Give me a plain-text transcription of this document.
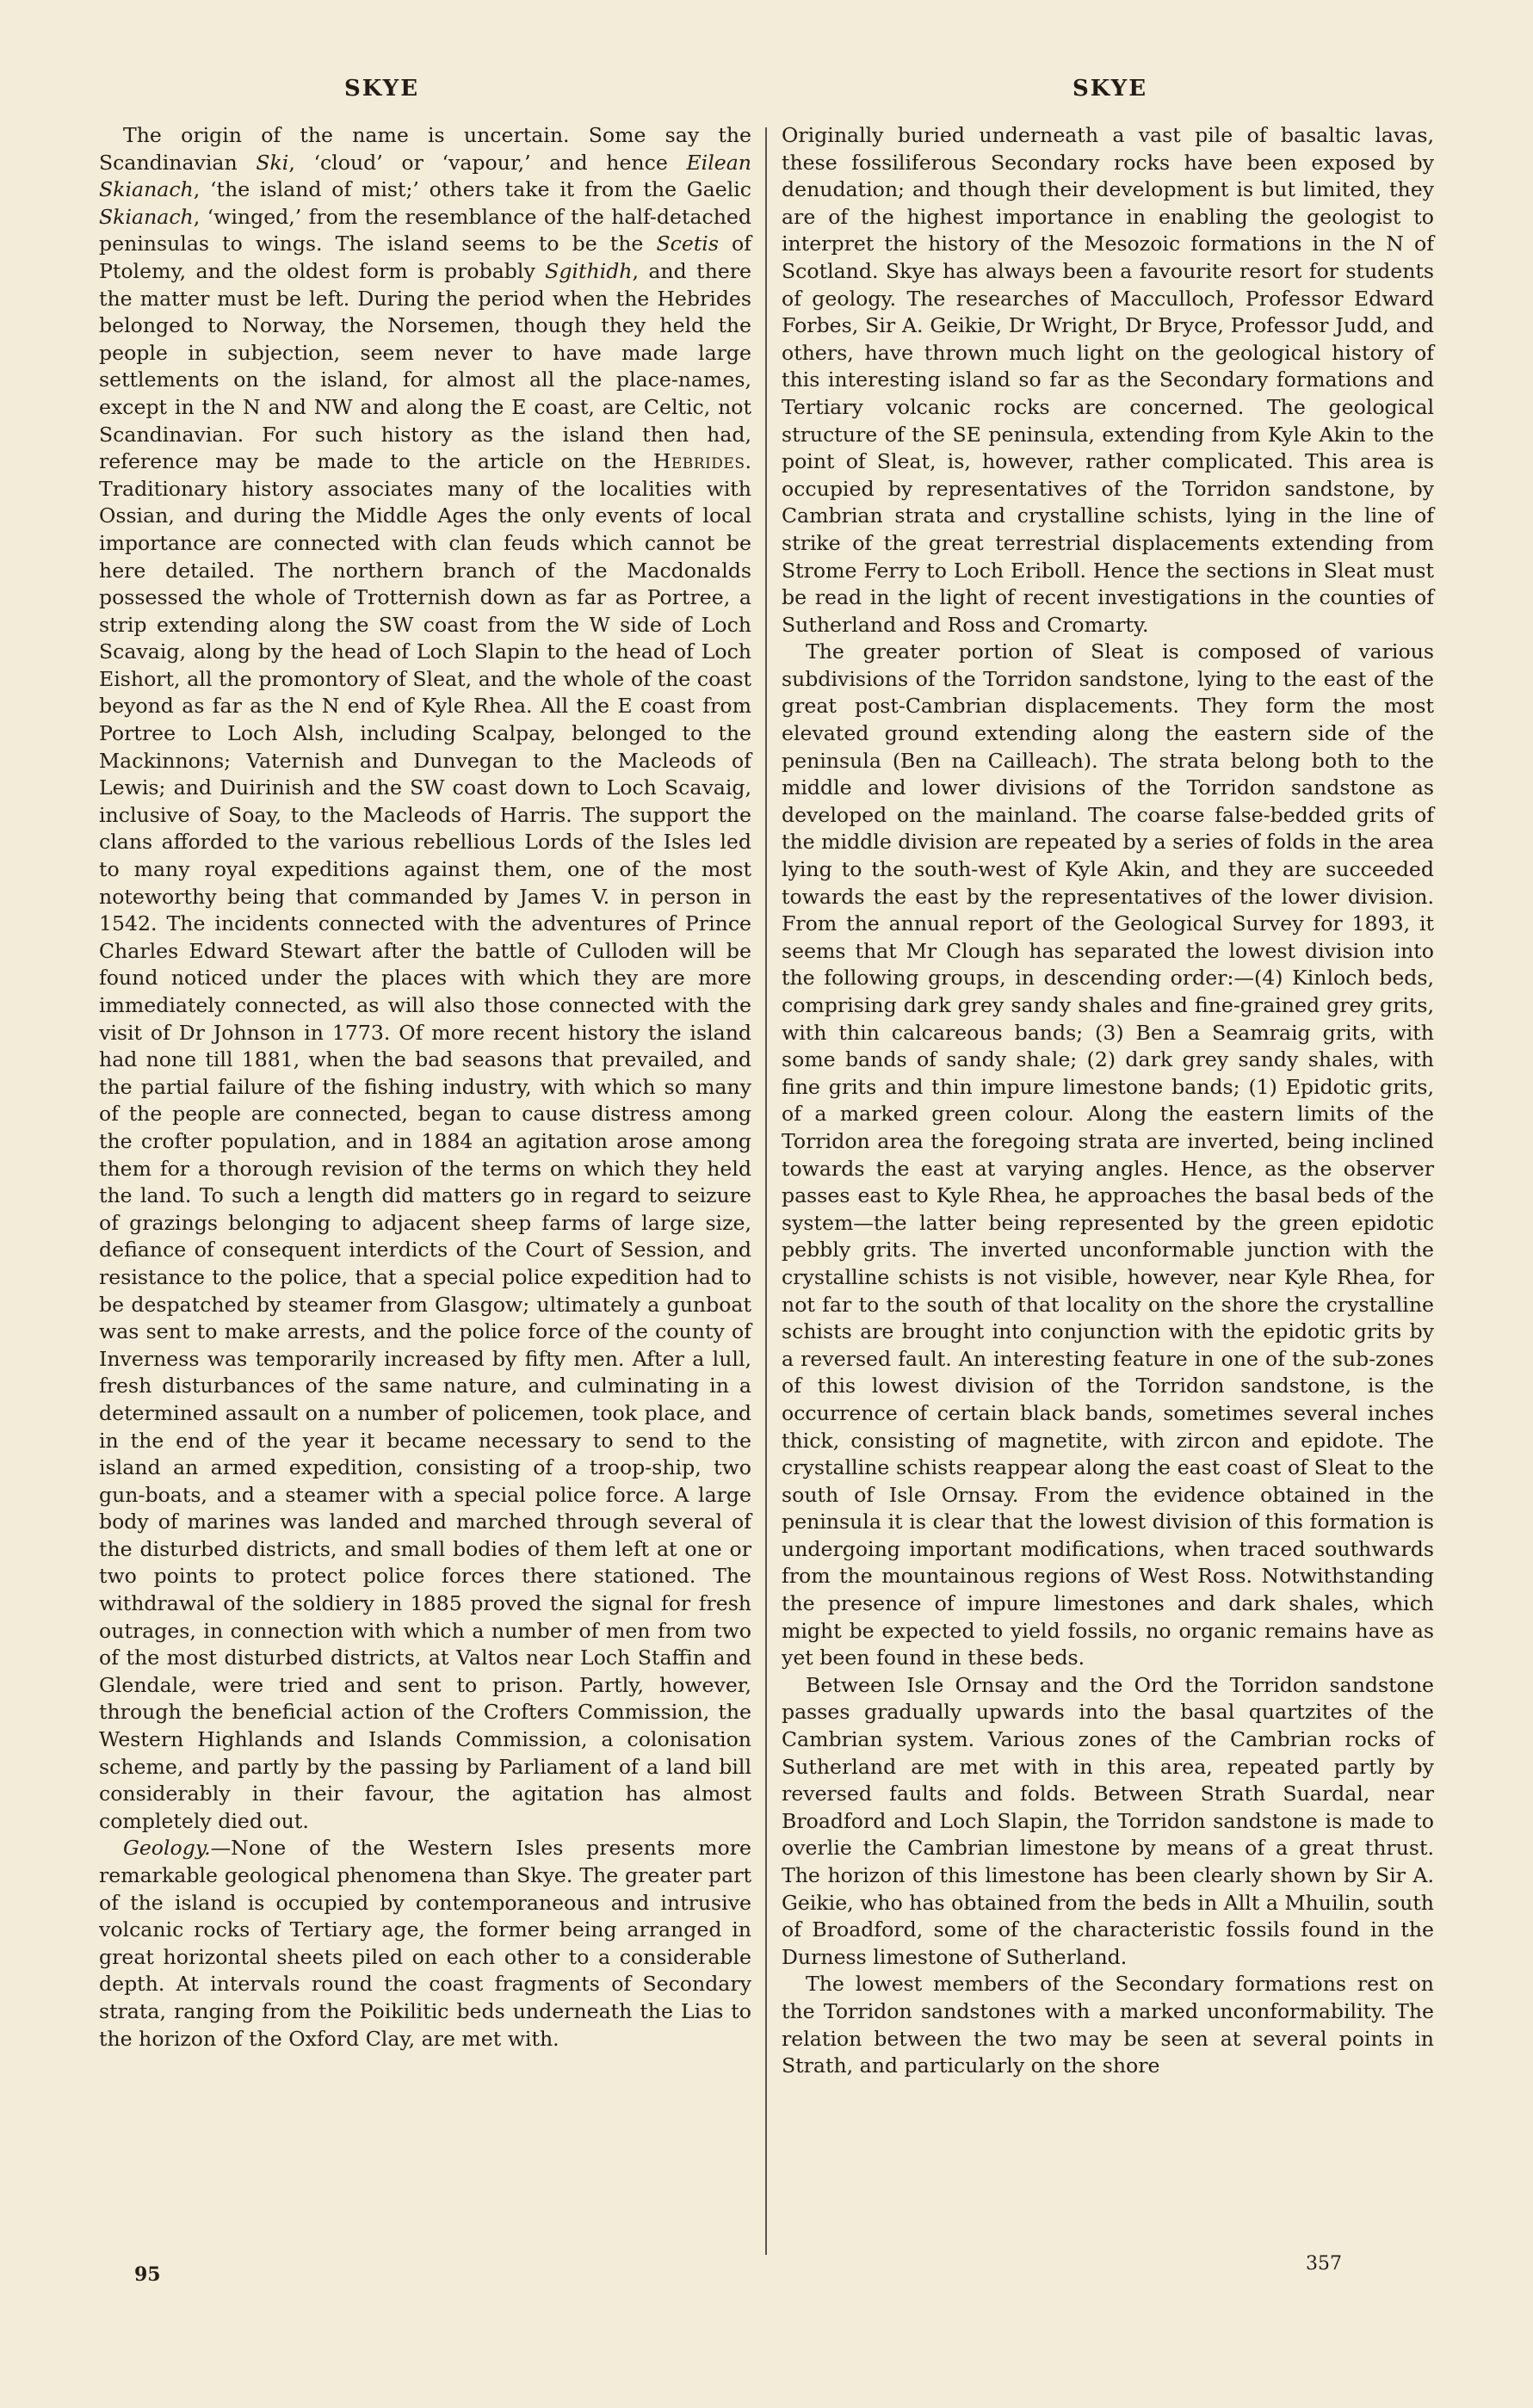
SKYE	SKYE

The origin of the name is uncertain. Some say the Scandinavian Ski, ‘cloud’ or ‘vapour,’ and hence Eilean Skianach, ‘the island of mist;’ others take it from the Gaelic Skianach, ‘winged,’ from the resemblance of the half-detached peninsulas to wings. The island seems to be the Scetis of Ptolemy, and the oldest form is probably Sgithidh, and there the matter must be left. During the period when the Hebrides belonged to Norway, the Norsemen, though they held the people in subjection, seem never to have made large settlements on the island, for almost all the place-names, except in the N and NW and along the E coast, are Celtic, not Scandinavian. For such history as the island then had, reference may be made to the article on the Hebrides. Traditionary history associates many of the localities with Ossian, and during the Middle Ages the only events of local importance are connected with clan feuds which cannot be here detailed. The northern branch of the Macdonalds possessed the whole of Trotternish down as far as Portree, a strip extending along the SW coast from the W side of Loch Scavaig, along by the head of Loch Slapin to the head of Loch Eishort, all the promontory of Sleat, and the whole of the coast beyond as far as the N end of Kyle Rhea. All the E coast from Portree to Loch Alsh, including Scalpay, belonged to the Mackinnons; Vaternish and Dunvegan to the Macleods of Lewis; and Duirinish and the SW coast down to Loch Scavaig, inclusive of Soay, to the Macleods of Harris. The support the clans afforded to the various rebellious Lords of the Isles led to many royal expeditions against them, one of the most noteworthy being that commanded by James V. in person in 1542. The incidents connected with the adventures of Prince Charles Edward Stewart after the battle of Culloden will be found noticed under the places with which they are more immediately connected, as will also those connected with the visit of Dr Johnson in 1773. Of more recent history the island had none till 1881, when the bad seasons that prevailed, and the partial failure of the fishing industry, with which so many of the people are connected, began to cause distress among the crofter population, and in 1884 an agitation arose among them for a thorough revision of the terms on which they held the land. To such a length did matters go in regard to seizure of grazings belonging to adjacent sheep farms of large size, defiance of consequent interdicts of the Court of Session, and resistance to the police, that a special police expedition had to be despatched by steamer from Glasgow; ultimately a gunboat was sent to make arrests, and the police force of the county of Inverness was temporarily increased by fifty men. After a lull, fresh disturbances of the same nature, and culminating in a determined assault on a number of policemen, took place, and in the end of the year it became necessary to send to the island an armed expedition, consisting of a troop-ship, two gun-boats, and a steamer with a special police force. A large body of marines was landed and marched through several of the disturbed districts, and small bodies of them left at one or two points to protect police forces there stationed. The withdrawal of the soldiery in 1885 proved the signal for fresh outrages, in connection with which a number of men from two of the most disturbed districts, at Valtos near Loch Staffin and Glendale, were tried and sent to prison. Partly, however, through the beneficial action of the Crofters Commission, the Western Highlands and Islands Commission, a colonisation scheme, and partly by the passing by Parliament of a land bill considerably in their favour, the agitation has almost completely died out.

Geology.—None of the Western Isles presents more remarkable geological phenomena than Skye. The greater part of the island is occupied by contemporaneous and intrusive volcanic rocks of Tertiary age, the former being arranged in great horizontal sheets piled on each other to a considerable depth. At intervals round the coast fragments of Secondary strata, ranging from the Poikilitic beds underneath the Lias to the horizon of the Oxford Clay, are met with.

Originally buried underneath a vast pile of basaltic lavas, these fossiliferous Secondary rocks have been exposed by denudation; and though their development is but limited, they are of the highest importance in enabling the geologist to interpret the history of the Mesozoic formations in the N of Scotland. Skye has always been a favourite resort for students of geology. The researches of Macculloch, Professor Edward Forbes, Sir A. Geikie, Dr Wright, Dr Bryce, Professor Judd, and others, have thrown much light on the geological history of this interesting island so far as the Secondary formations and Tertiary volcanic rocks are concerned. The geological structure of the SE peninsula, extending from Kyle Akin to the point of Sleat, is, however, rather complicated. This area is occupied by representatives of the Torridon sandstone, by Cambrian strata and crystalline schists, lying in the line of strike of the great terrestrial displacements extending from Strome Ferry to Loch Eriboll. Hence the sections in Sleat must be read in the light of recent investigations in the counties of Sutherland and Ross and Cromarty.

The greater portion of Sleat is composed of various subdivisions of the Torridon sandstone, lying to the east of the great post-Cambrian displacements. They form the most elevated ground extending along the eastern side of the peninsula (Ben na Cailleach). The strata belong both to the middle and lower divisions of the Torridon sandstone as developed on the mainland. The coarse false-bedded grits of the middle division are repeated by a series of folds in the area lying to the south-west of Kyle Akin, and they are succeeded towards the east by the representatives of the lower division. From the annual report of the Geological Survey for 1893, it seems that Mr Clough has separated the lowest division into the following groups, in descending order:—(4) Kinloch beds, comprising dark grey sandy shales and fine-grained grey grits, with thin calcareous bands; (3) Ben a Seamraig grits, with some bands of sandy shale; (2) dark grey sandy shales, with fine grits and thin impure limestone bands; (1) Epidotic grits, of a marked green colour. Along the eastern limits of the Torridon area the foregoing strata are inverted, being inclined towards the east at varying angles. Hence, as the observer passes east to Kyle Rhea, he approaches the basal beds of the system—the latter being represented by the green epidotic pebbly grits. The inverted unconformable junction with the crystalline schists is not visible, however, near Kyle Rhea, for not far to the south of that locality on the shore the crystalline schists are brought into conjunction with the epidotic grits by a reversed fault. An interesting feature in one of the sub-zones of this lowest division of the Torridon sandstone, is the occurrence of certain black bands, sometimes several inches thick, consisting of magnetite, with zircon and epidote. The crystalline schists reappear along the east coast of Sleat to the south of Isle Ornsay. From the evidence obtained in the peninsula it is clear that the lowest division of this formation is undergoing important modifications, when traced southwards from the mountainous regions of West Ross. Notwithstanding the presence of impure limestones and dark shales, which might be expected to yield fossils, no organic remains have as yet been found in these beds.

Between Isle Ornsay and the Ord the Torridon sandstone passes gradually upwards into the basal quartzites of the Cambrian system. Various zones of the Cambrian rocks of Sutherland are met with in this area, repeated partly by reversed faults and folds. Between Strath Suardal, near Broadford and Loch Slapin, the Torridon sandstone is made to overlie the Cambrian limestone by means of a great thrust. The horizon of this limestone has been clearly shown by Sir A. Geikie, who has obtained from the beds in Allt a Mhuilin, south of Broadford, some of the characteristic fossils found in the Durness limestone of Sutherland.

The lowest members of the Secondary formations rest on the Torridon sandstones with a marked unconformability. The relation between the two may be seen at several points in Strath, and particularly on the shore

95	357
